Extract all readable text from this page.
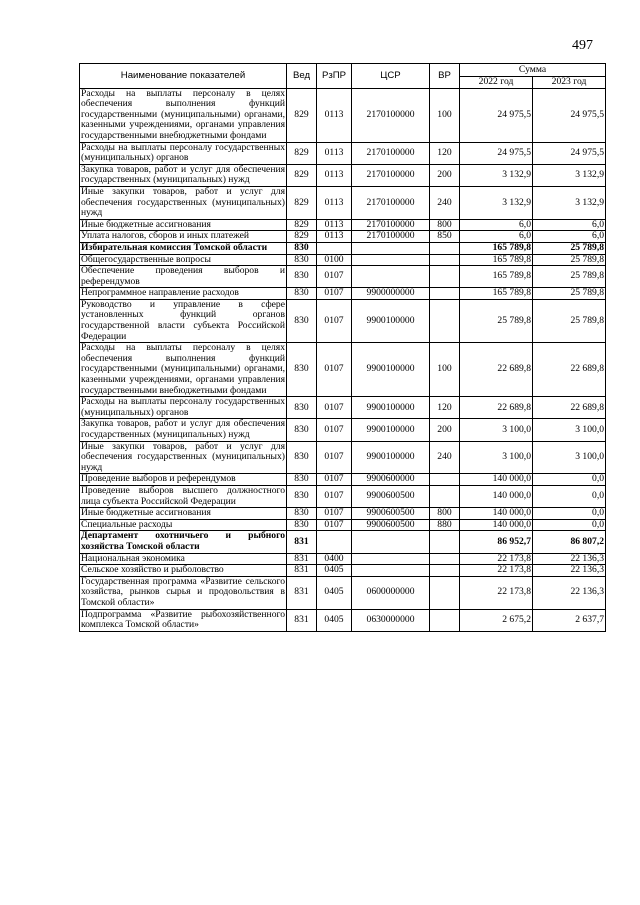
497
Наименование показателей	Вед	РзПР	ЦСР	ВР	Сумма	
					2022 год	2023 год
Расходы на выплаты персоналу в целях обеспечения выполнения функций государственными (муниципальными) органами, казенными учреждениями, органами управления государственными внебюджетными фондами	829	0113	2170100000	100	24 975,5	24 975,5
Расходы на выплаты персоналу государственных (муниципальных) органов	829	0113	2170100000	120	24 975,5	24 975,5
Закупка товаров, работ и услуг для обеспечения государственных (муниципальных) нужд	829	0113	2170100000	200	3 132,9	3 132,9
Иные закупки товаров, работ и услуг для обеспечения государственных (муниципальных) нужд	829	0113	2170100000	240	3 132,9	3 132,9
Иные бюджетные ассигнования	829	0113	2170100000	800	6,0	6,0
Уплата налогов, сборов и иных платежей	829	0113	2170100000	850	6,0	6,0
Избирательная комиссия Томской области	830				165 789,8	25 789,8
Общегосударственные вопросы	830	0100			165 789,8	25 789,8
Обеспечение проведения выборов и референдумов	830	0107			165 789,8	25 789,8
Непрограммное направление расходов	830	0107	9900000000		165 789,8	25 789,8
Руководство и управление в сфере установленных функций органов государственной власти субъекта Российской Федерации	830	0107	9900100000		25 789,8	25 789,8
Расходы на выплаты персоналу в целях обеспечения выполнения функций государственными (муниципальными) органами, казенными учреждениями, органами управления государственными внебюджетными фондами	830	0107	9900100000	100	22 689,8	22 689,8
Расходы на выплаты персоналу государственных (муниципальных) органов	830	0107	9900100000	120	22 689,8	22 689,8
Закупка товаров, работ и услуг для обеспечения государственных (муниципальных) нужд	830	0107	9900100000	200	3 100,0	3 100,0
Иные закупки товаров, работ и услуг для обеспечения государственных (муниципальных) нужд	830	0107	9900100000	240	3 100,0	3 100,0
Проведение выборов и референдумов	830	0107	9900600000		140 000,0	0,0
Проведение выборов высшего должностного лица субъекта Российской Федерации	830	0107	9900600500		140 000,0	0,0
Иные бюджетные ассигнования	830	0107	9900600500	800	140 000,0	0,0
Специальные расходы	830	0107	9900600500	880	140 000,0	0,0
Департамент охотничьего и рыбного хозяйства Томской области	831				86 952,7	86 807,2
Национальная экономика	831	0400			22 173,8	22 136,3
Сельское хозяйство и рыболовство	831	0405			22 173,8	22 136,3
Государственная программа «Развитие сельского хозяйства, рынков сырья и продовольствия в Томской области»	831	0405	0600000000		22 173,8	22 136,3
Подпрограмма «Развитие рыбохозяйственного комплекса Томской области»	831	0405	0630000000		2 675,2	2 637,7
